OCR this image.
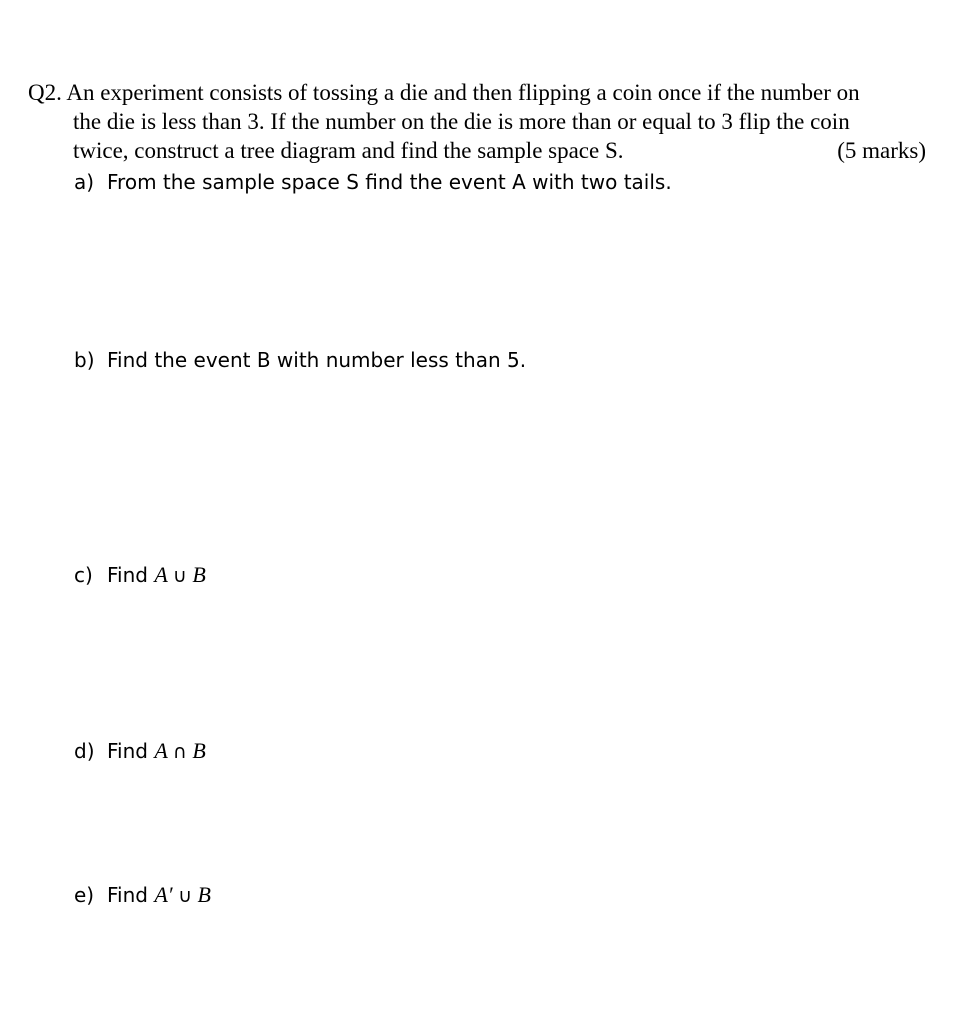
Q2. An experiment consists of tossing a die and then flipping a coin once if the number on
the die is less than 3. If the number on the die is more than or equal to 3 flip the coin
twice, construct a tree diagram and find the sample space S.	(5 marks)
a) From the sample space S find the event A with two tails.
b) Find the event B with number less than 5.
c) Find A ∪ B
d) Find A ∩ B
e) Find A′ ∪ B
